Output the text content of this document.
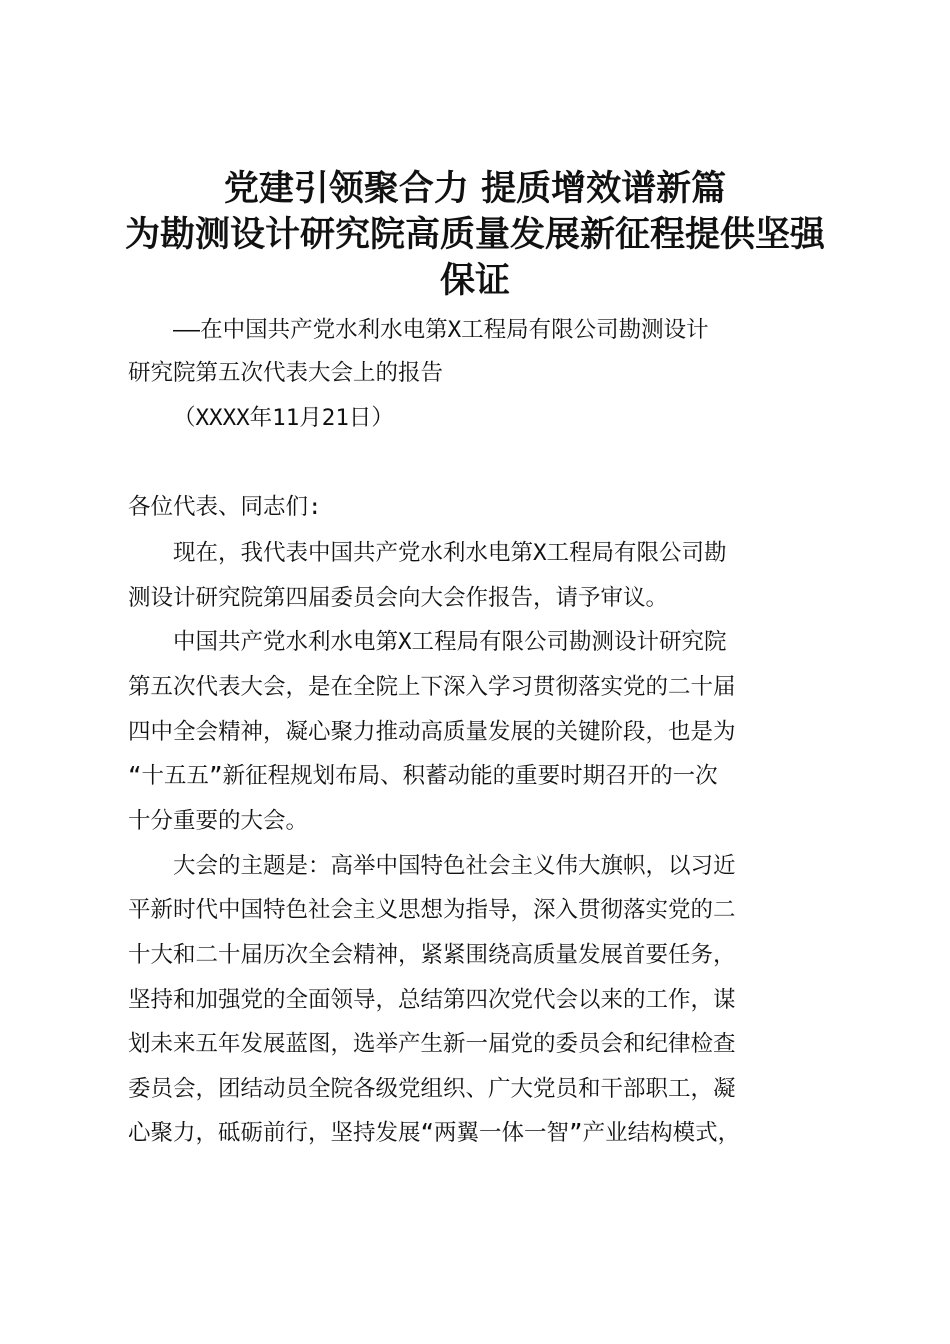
党建引领聚合力 提质增效谱新篇
为勘测设计研究院高质量发展新征程提供坚强
保证

——在中国共产党水利水电第X工程局有限公司勘测设计

研究院第五次代表大会上的报告

（XXXX年11月21日）

各位代表、同志们:

现在，我代表中国共产党水利水电第X工程局有限公司勘

测设计研究院第四届委员会向大会作报告，请予审议。

中国共产党水利水电第X工程局有限公司勘测设计研究院

第五次代表大会，是在全院上下深入学习贯彻落实党的二十届

四中全会精神，凝心聚力推动高质量发展的关键阶段，也是为

“十五五”新征程规划布局、积蓄动能的重要时期召开的一次

十分重要的大会。

大会的主题是：高举中国特色社会主义伟大旗帜，以习近

平新时代中国特色社会主义思想为指导，深入贯彻落实党的二

十大和二十届历次全会精神，紧紧围绕高质量发展首要任务，

坚持和加强党的全面领导，总结第四次党代会以来的工作，谋

划未来五年发展蓝图，选举产生新一届党的委员会和纪律检查

委员会，团结动员全院各级党组织、广大党员和干部职工，凝

心聚力，砥砺前行，坚持发展“两翼一体一智”产业结构模式，
